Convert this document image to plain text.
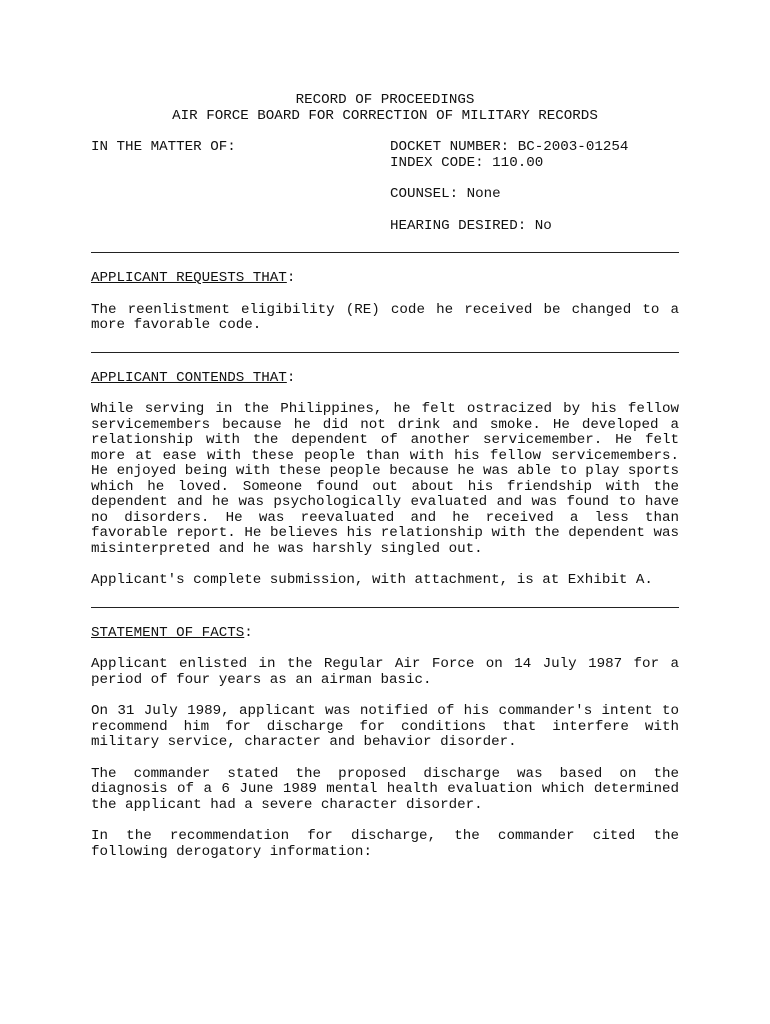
RECORD OF PROCEEDINGS
AIR FORCE BOARD FOR CORRECTION OF MILITARY RECORDS
IN THE MATTER OF:	DOCKET NUMBER: BC-2003-01254
INDEX CODE: 110.00
COUNSEL: None
HEARING DESIRED: No
APPLICANT REQUESTS THAT:

The reenlistment eligibility (RE) code he received be changed to a more favorable code.

APPLICANT CONTENDS THAT:

While serving in the Philippines, he felt ostracized by his fellow servicemembers because he did not drink and smoke. He developed a relationship with the dependent of another servicemember. He felt more at ease with these people than with his fellow servicemembers. He enjoyed being with these people because he was able to play sports which he loved. Someone found out about his friendship with the dependent and he was psychologically evaluated and was found to have no disorders. He was reevaluated and he received a less than favorable report. He believes his relationship with the dependent was misinterpreted and he was harshly singled out.

Applicant's complete submission, with attachment, is at Exhibit A.

STATEMENT OF FACTS:

Applicant enlisted in the Regular Air Force on 14 July 1987 for a period of four years as an airman basic.

On 31 July 1989, applicant was notified of his commander's intent to recommend him for discharge for conditions that interfere with military service, character and behavior disorder.

The commander stated the proposed discharge was based on the diagnosis of a 6 June 1989 mental health evaluation which determined the applicant had a severe character disorder.

In the recommendation for discharge, the commander cited the following derogatory information:
